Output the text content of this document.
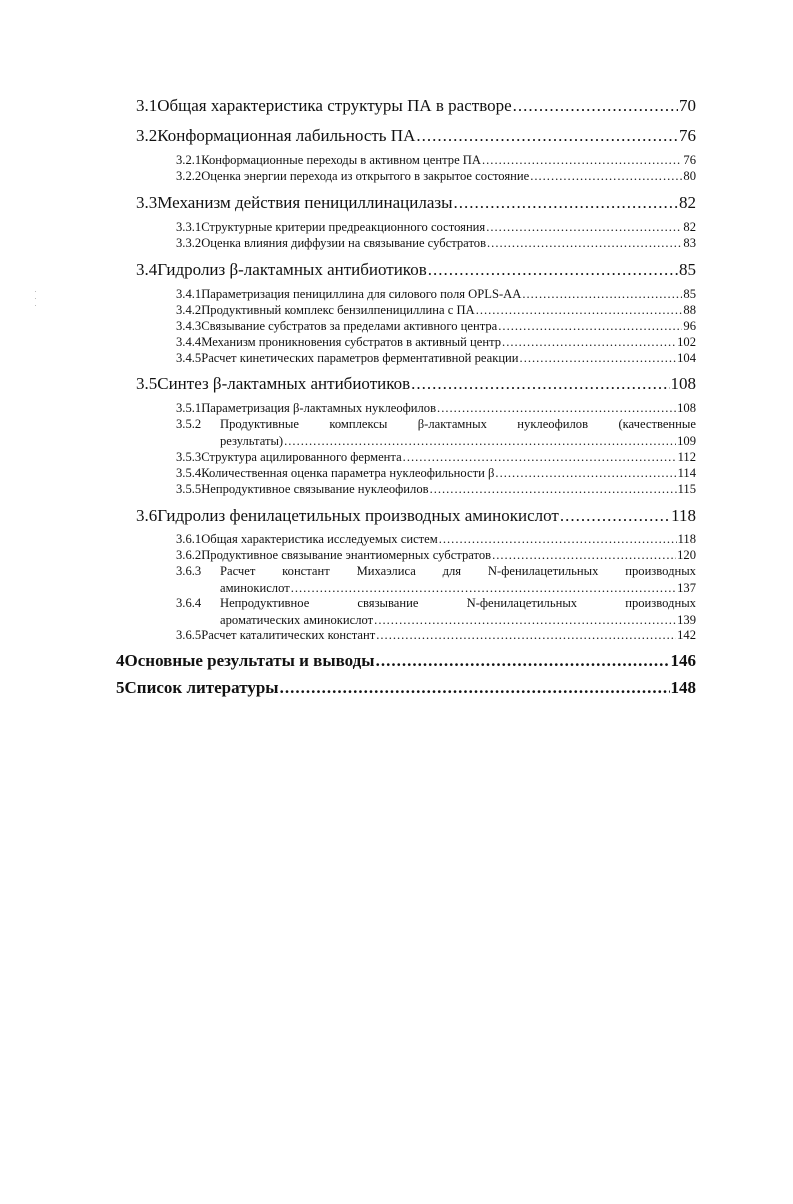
3.1 Общая характеристика структуры ПА в растворе .....	70
3.2 Конформационная лабильность ПА .....	76
3.2.1 Конформационные переходы в активном центре ПА .....	76
3.2.2 Оценка энергии перехода из открытого в закрытое состояние .....	80
3.3 Механизм действия пенициллинацилазы .....	82
3.3.1 Структурные критерии предреакционного состояния .....	82
3.3.2 Оценка влияния диффузии на связывание субстратов .....	83
3.4 Гидролиз β-лактамных антибиотиков .....	85
3.4.1 Параметризация пенициллина для силового поля OPLS-AA .....	85
3.4.2 Продуктивный комплекс бензилпенициллина с ПА .....	88
3.4.3 Связывание субстратов за пределами активного центра .....	96
3.4.4 Механизм проникновения субстратов в активный центр .....	102
3.4.5 Расчет кинетических параметров ферментативной реакции .....	104
3.5 Синтез β-лактамных антибиотиков .....	108
3.5.1 Параметризация β-лактамных нуклеофилов .....	108
3.5.2	Продуктивные комплексы β-лактамных нуклеофилов (качественные
результаты) .....	109
3.5.3 Структура ацилированного фермента .....	112
3.5.4 Количественная оценка параметра нуклеофильности β .....	114
3.5.5 Непродуктивное связывание нуклеофилов .....	115
3.6 Гидролиз фенилацетильных производных аминокислот .....	118
3.6.1 Общая характеристика исследуемых систем .....	118
3.6.2 Продуктивное связывание энантиомерных субстратов .....	120
3.6.3	Расчет констант Михаэлиса для N-фенилацетильных производных
аминокислот .....	137
3.6.4	Непродуктивное	связывание	N-фенилацетильных	производных
ароматических аминокислот .....	139
3.6.5 Расчет каталитических констант .....	142
4 Основные результаты и выводы .....	146
5 Список литературы .....	148
